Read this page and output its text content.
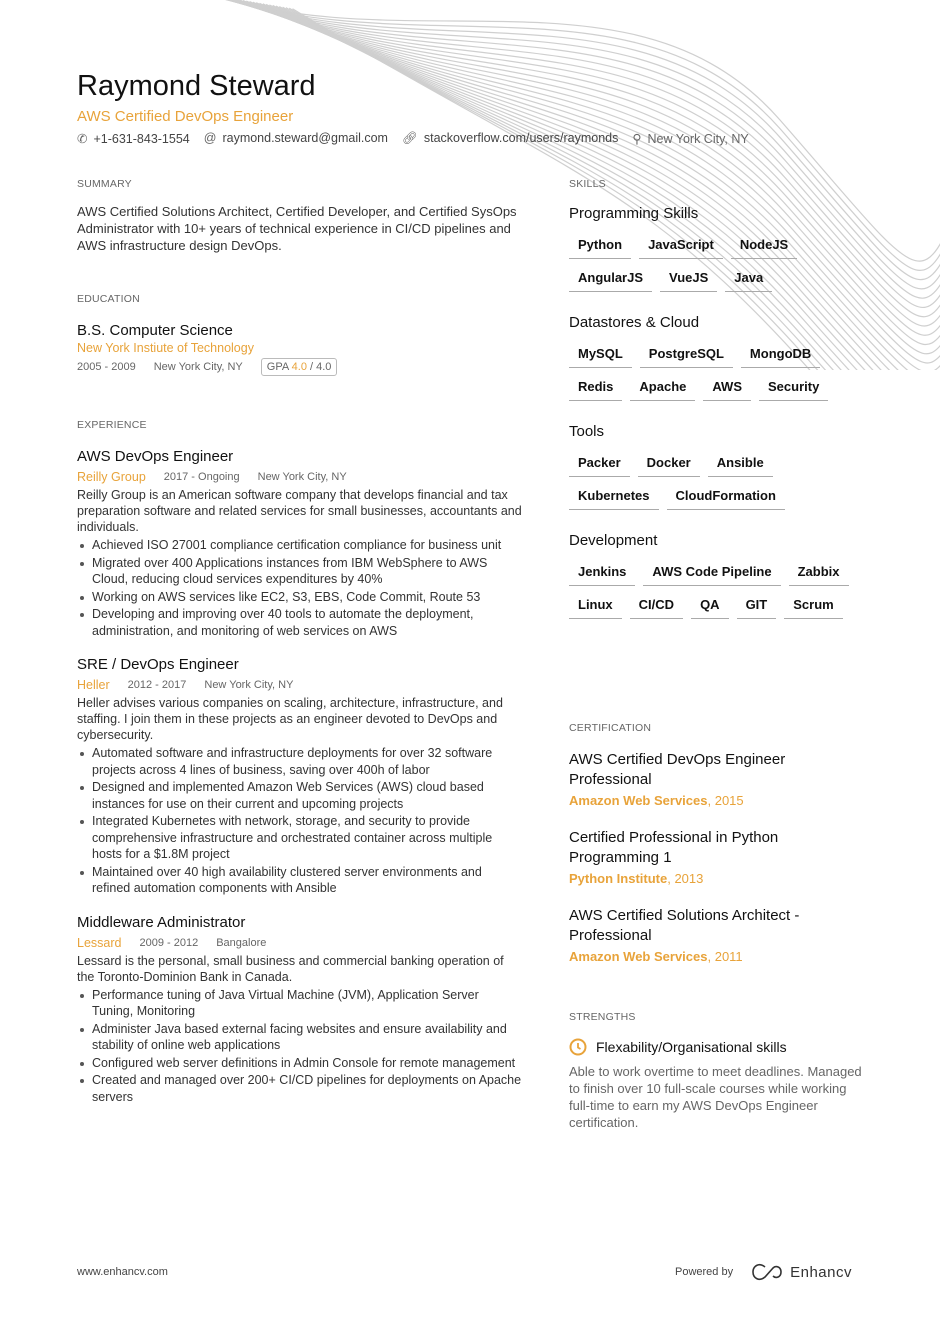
Raymond Steward
AWS Certified DevOps Engineer
✆ +1-631-843-1554 @ raymond.steward@gmail.com 🔗︎ stackoverflow.com/users/raymonds ⚲ New York City, NY
SUMMARY
AWS Certified Solutions Architect, Certified Developer, and Certified SysOps Administrator with 10+ years of technical experience in CI/CD pipelines and AWS infrastructure design DevOps.
EDUCATION
B.S. Computer Science
New York Instiute of Technology
2005 - 2009 New York City, NY	GPA 4.0 / 4.0
EXPERIENCE
AWS DevOps Engineer
Reilly Group 2017 - Ongoing New York City, NY
Reilly Group is an American software company that develops financial and tax preparation software and related services for small businesses, accountants and individuals.
Achieved ISO 27001 compliance certification compliance for business unit
Migrated over 400 Applications instances from IBM WebSphere to AWS Cloud, reducing cloud services expenditures by 40%
Working on AWS services like EC2, S3, EBS, Code Commit, Route 53
Developing and improving over 40 tools to automate the deployment, administration, and monitoring of web services on AWS
SRE / DevOps Engineer
Heller 2012 - 2017 New York City, NY
Heller advises various companies on scaling, architecture, infrastructure, and staffing. I join them in these projects as an engineer devoted to DevOps and cybersecurity.
Automated software and infrastructure deployments for over 32 software projects across 4 lines of business, saving over 400h of labor
Designed and implemented Amazon Web Services (AWS) cloud based instances for use on their current and upcoming projects
Integrated Kubernetes with network, storage, and security to provide comprehensive infrastructure and orchestrated container across multiple hosts for a $1.8M project
Maintained over 40 high availability clustered server environments and refined automation components with Ansible
Middleware Administrator
Lessard 2009 - 2012 Bangalore
Lessard is the personal, small business and commercial banking operation of the Toronto-Dominion Bank in Canada.
Performance tuning of Java Virtual Machine (JVM), Application Server Tuning, Monitoring
Administer Java based external facing websites and ensure availability and stability of online web applications
Configured web server definitions in Admin Console for remote management
Created and managed over 200+ CI/CD pipelines for deployments on Apache servers
SKILLS
Programming Skills
Python	JavaScript	NodeJS
AngularJS	VueJS	Java
Datastores & Cloud
MySQL	PostgreSQL	MongoDB
Redis	Apache	AWS	Security
Tools
Packer	Docker	Ansible
Kubernetes	CloudFormation
Development
Jenkins	AWS Code Pipeline	Zabbix
Linux	CI/CD	QA	GIT	Scrum
CERTIFICATION
AWS Certified DevOps Engineer Professional
Amazon Web Services, 2015
Certified Professional in Python Programming 1
Python Institute, 2013
AWS Certified Solutions Architect - Professional
Amazon Web Services, 2011
STRENGTHS
Flexability/Organisational skills
Able to work overtime to meet deadlines. Managed to finish over 10 full-scale courses while working full-time to earn my AWS DevOps Engineer certification.
www.enhancv.com	Powered by	Enhancv
